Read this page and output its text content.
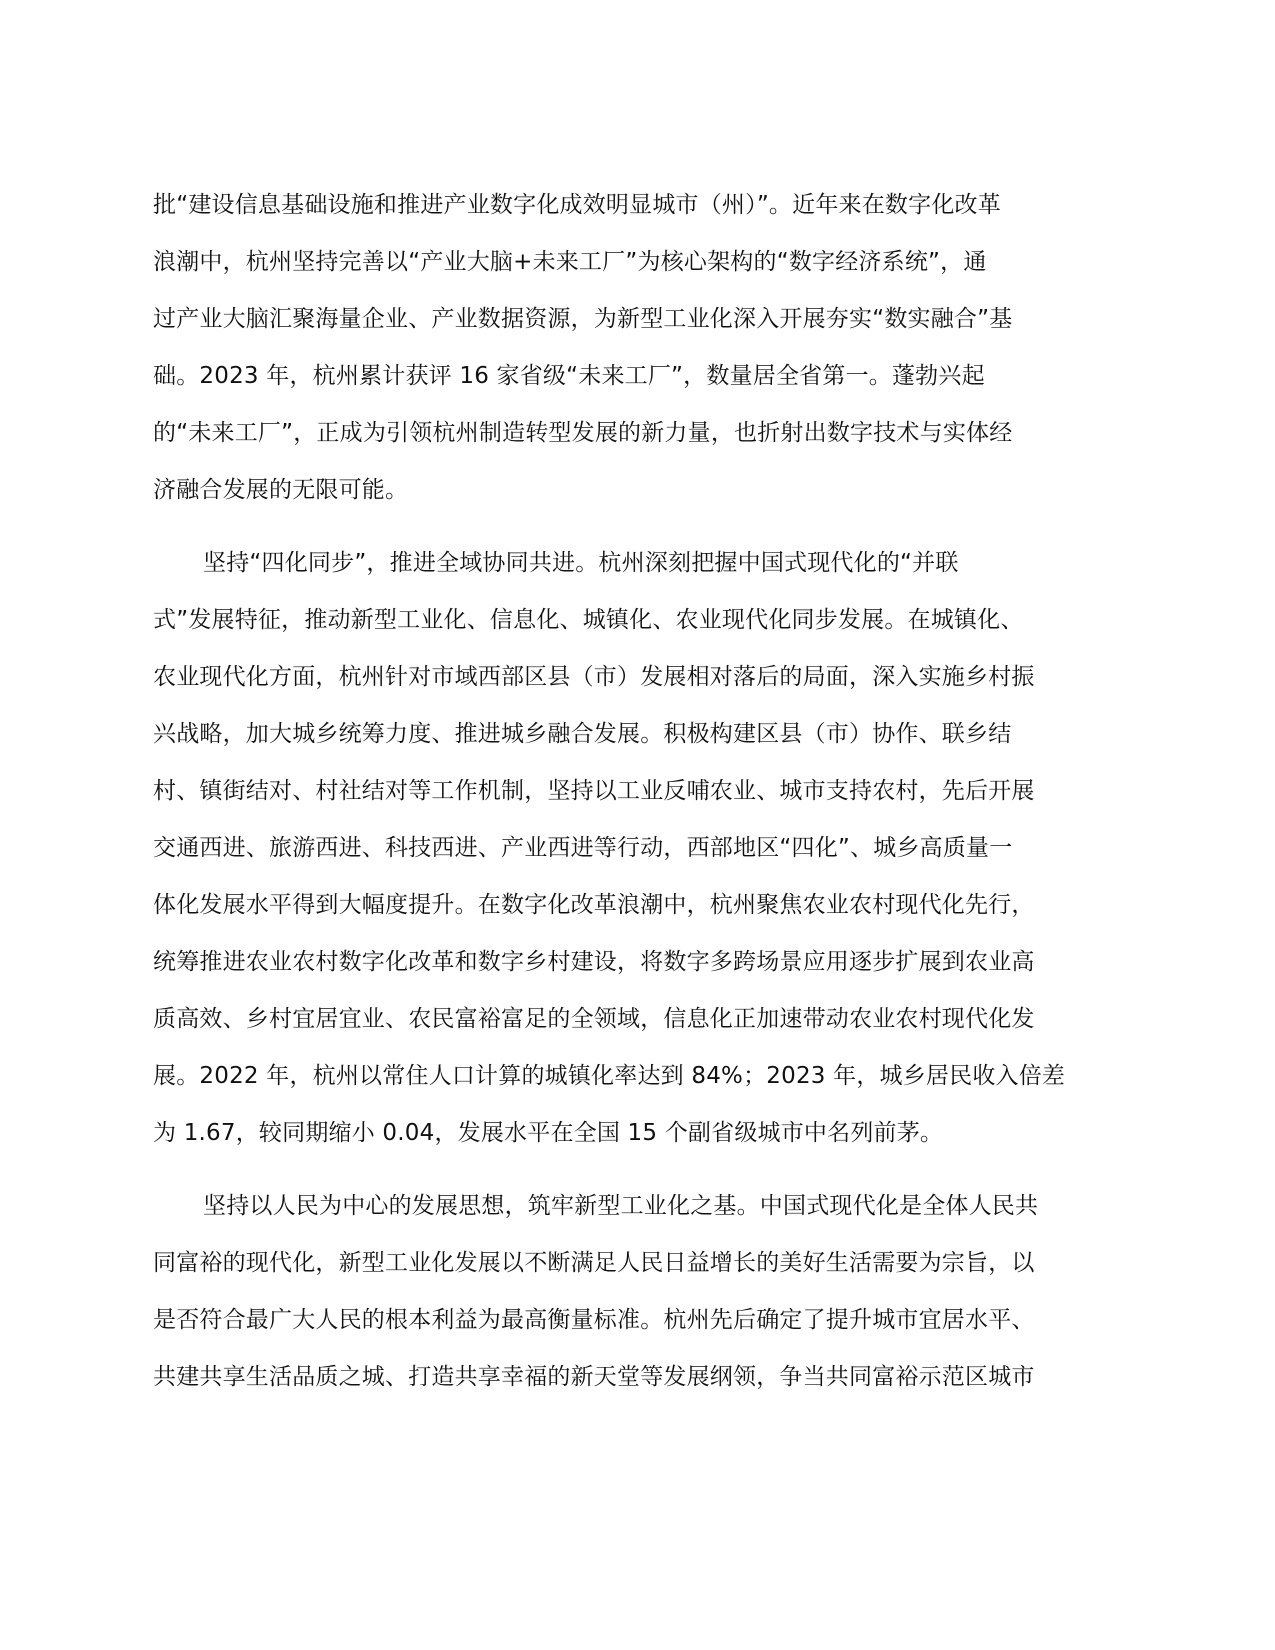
批“建设信息基础设施和推进产业数字化成效明显城市（州）”。近年来在数字化改革
浪潮中，杭州坚持完善以“产业大脑+未来工厂”为核心架构的“数字经济系统”，通
过产业大脑汇聚海量企业、产业数据资源，为新型工业化深入开展夯实“数实融合”基
础。2023 年，杭州累计获评 16 家省级“未来工厂”，数量居全省第一。蓬勃兴起
的“未来工厂”，正成为引领杭州制造转型发展的新力量，也折射出数字技术与实体经
济融合发展的无限可能。
坚持“四化同步”，推进全域协同共进。杭州深刻把握中国式现代化的“并联
式”发展特征，推动新型工业化、信息化、城镇化、农业现代化同步发展。在城镇化、
农业现代化方面，杭州针对市域西部区县（市）发展相对落后的局面，深入实施乡村振
兴战略，加大城乡统筹力度、推进城乡融合发展。积极构建区县（市）协作、联乡结
村、镇街结对、村社结对等工作机制，坚持以工业反哺农业、城市支持农村，先后开展
交通西进、旅游西进、科技西进、产业西进等行动，西部地区“四化”、城乡高质量一
体化发展水平得到大幅度提升。在数字化改革浪潮中，杭州聚焦农业农村现代化先行，
统筹推进农业农村数字化改革和数字乡村建设，将数字多跨场景应用逐步扩展到农业高
质高效、乡村宜居宜业、农民富裕富足的全领域，信息化正加速带动农业农村现代化发
展。2022 年，杭州以常住人口计算的城镇化率达到 84%；2023 年，城乡居民收入倍差
为 1.67，较同期缩小 0.04，发展水平在全国 15 个副省级城市中名列前茅。
坚持以人民为中心的发展思想，筑牢新型工业化之基。中国式现代化是全体人民共
同富裕的现代化，新型工业化发展以不断满足人民日益增长的美好生活需要为宗旨，以
是否符合最广大人民的根本利益为最高衡量标准。杭州先后确定了提升城市宜居水平、
共建共享生活品质之城、打造共享幸福的新天堂等发展纲领，争当共同富裕示范区城市
